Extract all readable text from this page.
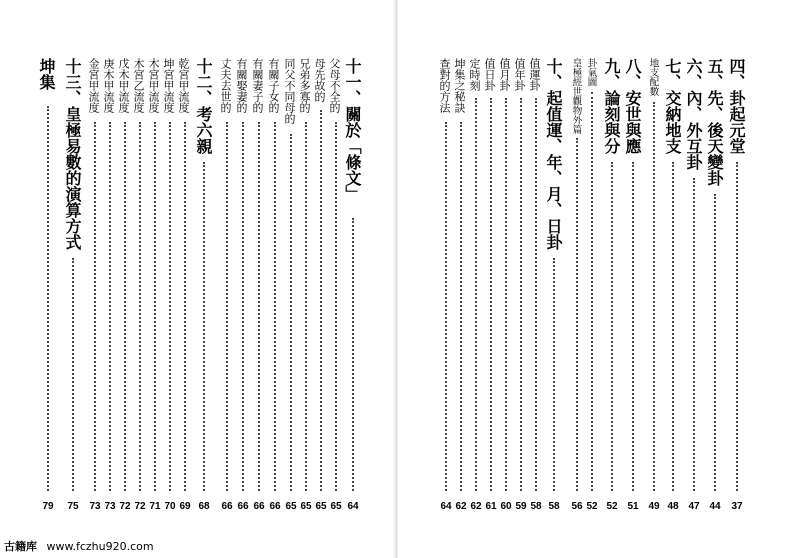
坤集
79
十三、皇極易數的演算方式
75
金宮甲流度
73
庚木甲流度
73
戊木甲流度
72
木宮乙流度
72
木宮甲流度
71
坤宮甲流度
70
乾宮甲流度
69
十二、考六親
68
丈夫去世的
66
有關娶妻的
66
有關妻子的
66
有關子女的
66
同父不同母的
65
兄弟多寡的
65
母先故的
65
父母不全的
65
十一、關於「條文」
64
查對的方法
64
坤集之秘訣
62
定時刻
62
值日卦
61
值月卦
60
值年卦
59
值運卦
58
十、起值運、年、月、日卦
58
皇極經世觀物外篇
56
卦氣圖
52
九、論刻與分
52
八、安世與應
51
地支配數
49
七、交納地支
48
六、內、外互卦
47
五、先、後天變卦
44
四、卦起元堂
37
古籍库 www.fczhu920.com
